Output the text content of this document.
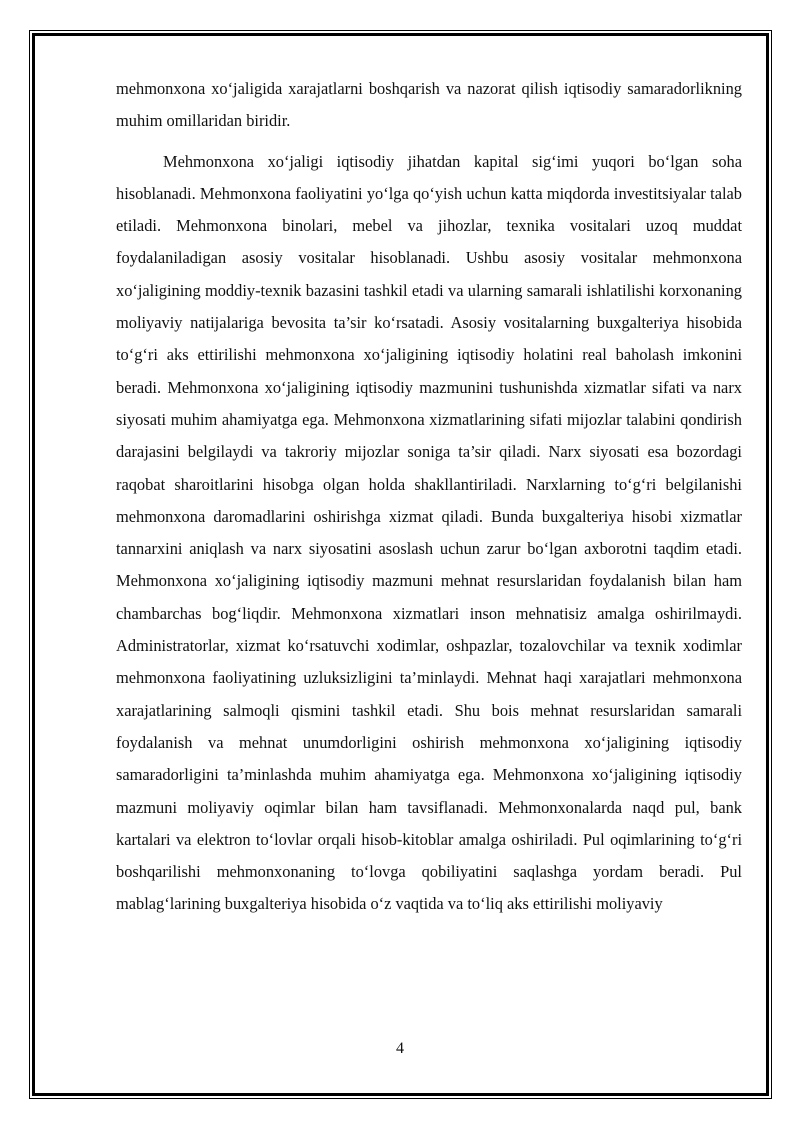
mehmonxona xo‘jaligida xarajatlarni boshqarish va nazorat qilish iqtisodiy samaradorlikning muhim omillaridan biridir.

Mehmonxona xo‘jaligi iqtisodiy jihatdan kapital sig‘imi yuqori bo‘lgan soha hisoblanadi. Mehmonxona faoliyatini yo‘lga qo‘yish uchun katta miqdorda investitsiyalar talab etiladi. Mehmonxona binolari, mebel va jihozlar, texnika vositalari uzoq muddat foydalaniladigan asosiy vositalar hisoblanadi. Ushbu asosiy vositalar mehmonxona xo‘jaligining moddiy-texnik bazasini tashkil etadi va ularning samarali ishlatilishi korxonaning moliyaviy natijalariga bevosita ta’sir ko‘rsatadi. Asosiy vositalarning buxgalteriya hisobida to‘g‘ri aks ettirilishi mehmonxona xo‘jaligining iqtisodiy holatini real baholash imkonini beradi. Mehmonxona xo‘jaligining iqtisodiy mazmunini tushunishda xizmatlar sifati va narx siyosati muhim ahamiyatga ega. Mehmonxona xizmatlarining sifati mijozlar talabini qondirish darajasini belgilaydi va takroriy mijozlar soniga ta’sir qiladi. Narx siyosati esa bozordagi raqobat sharoitlarini hisobga olgan holda shakllantiriladi. Narxlarning to‘g‘ri belgilanishi mehmonxona daromadlarini oshirishga xizmat qiladi. Bunda buxgalteriya hisobi xizmatlar tannarxini aniqlash va narx siyosatini asoslash uchun zarur bo‘lgan axborotni taqdim etadi. Mehmonxona xo‘jaligining iqtisodiy mazmuni mehnat resurslaridan foydalanish bilan ham chambarchas bog‘liqdir. Mehmonxona xizmatlari inson mehnatisiz amalga oshirilmaydi. Administratorlar, xizmat ko‘rsatuvchi xodimlar, oshpazlar, tozalovchilar va texnik xodimlar mehmonxona faoliyatining uzluksizligini ta’minlaydi. Mehnat haqi xarajatlari mehmonxona xarajatlarining salmoqli qismini tashkil etadi. Shu bois mehnat resurslaridan samarali foydalanish va mehnat unumdorligini oshirish mehmonxona xo‘jaligining iqtisodiy samaradorligini ta’minlashda muhim ahamiyatga ega. Mehmonxona xo‘jaligining iqtisodiy mazmuni moliyaviy oqimlar bilan ham tavsiflanadi. Mehmonxonalarda naqd pul, bank kartalari va elektron to‘lovlar orqali hisob-kitoblar amalga oshiriladi. Pul oqimlarining to‘g‘ri boshqarilishi mehmonxonaning to‘lovga qobiliyatini saqlashga yordam beradi. Pul mablag‘larining buxgalteriya hisobida o‘z vaqtida va to‘liq aks ettirilishi moliyaviy

4
